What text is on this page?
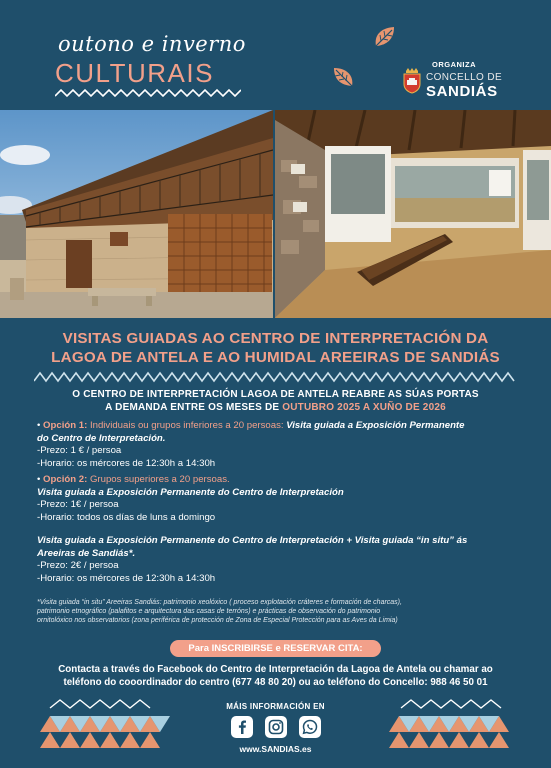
outono e inverno
CULTURAIS	ORGANIZA
CONCELLO DE
SANDIÁS
VISITAS GUIADAS AO CENTRO DE INTERPRETACIÓN DA
LAGOA DE ANTELA E AO HUMIDAL AREEIRAS DE SANDIÁS
O CENTRO DE INTERPRETACIÓN LAGOA DE ANTELA REABRE AS SÚAS PORTAS
A DEMANDA ENTRE OS MESES DE OUTUBRO 2025 A XUÑO DE 2026
• Opción 1: Individuais ou grupos inferiores a 20 persoas: Visita guiada a Exposición Permanente
do Centro de Interpretación.
-Prezo: 1 € / persoa
-Horario: os mércores de 12:30h a 14:30h
• Opción 2: Grupos superiores a 20 persoas.
Visita guiada a Exposición Permanente do Centro de Interpretación
-Prezo: 1€ / persoa
-Horario: todos os días de luns a domingo
Visita guiada a Exposición Permanente do Centro de Interpretación + Visita guiada “in situ” ás
Areeiras de Sandiás*.
-Prezo: 2€ / persoa
-Horario: os mércores de 12:30h a 14:30h
*Visita guiada “in situ” Areeiras Sandiás: patrimonio xeolóxico ( proceso explotación cráteres e formación de charcas),
patrimonio etnográfico (palafitos e arquitectura das casas de terróns) e prácticas de observación do patrimonio
ornitolóxico nos observatorios (zona periférica de protección de Zona de Especial Protección para as Aves da Limia)
Para INSCRIBIRSE e RESERVAR CITA:
Contacta a través do Facebook do Centro de Interpretación da Lagoa de Antela ou chamar ao
teléfono do cooordinador do centro (677 48 80 20) ou ao teléfono do Concello: 988 46 50 01
MÁIS INFORMACIÓN EN
www.SANDIAS.es
